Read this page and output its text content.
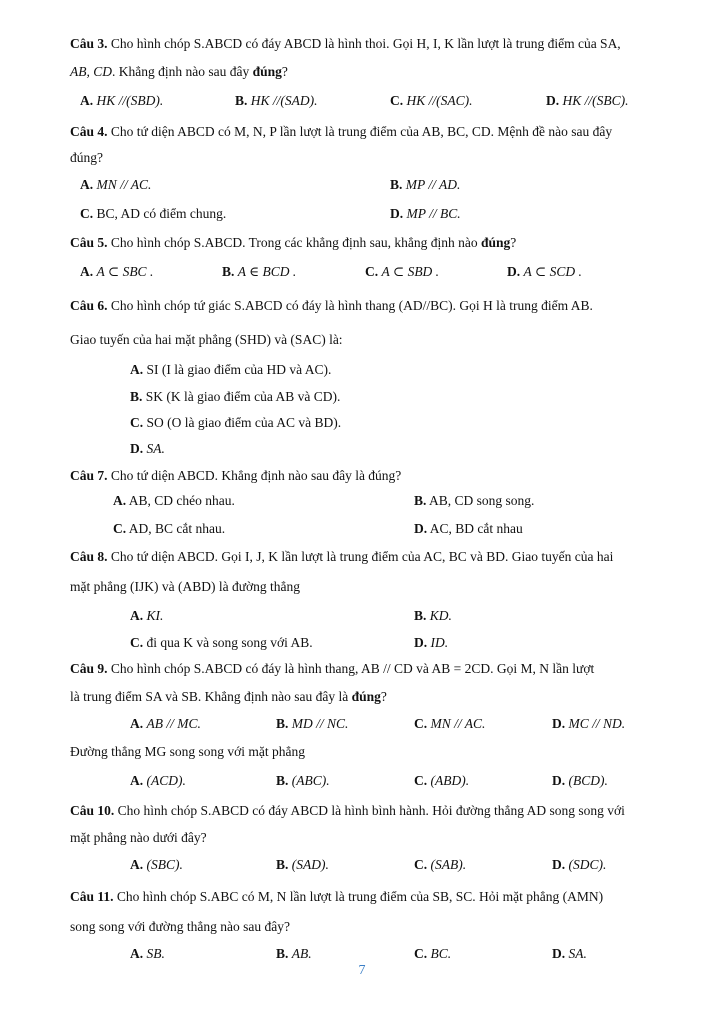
Câu 3. Cho hình chóp S.ABCD có đáy ABCD là hình thoi. Gọi H, I, K lần lượt là trung điểm của SA,
AB, CD. Khẳng định nào sau đây đúng?
A. HK //(SBD).	B. HK //(SAD).	C. HK //(SAC).	D. HK //(SBC).
Câu 4. Cho tứ diện ABCD có M, N, P lần lượt là trung điểm của AB, BC, CD. Mệnh đề nào sau đây
đúng?
A. MN // AC.	B. MP // AD.
C. BC, AD có điểm chung.	D. MP // BC.
Câu 5. Cho hình chóp S.ABCD. Trong các khẳng định sau, khẳng định nào đúng?
A. A ⊂ SBC .	B. A ∈ BCD .	C. A ⊂ SBD .	D. A ⊂ SCD .
Câu 6. Cho hình chóp tứ giác S.ABCD có đáy là hình thang (AD//BC). Gọi H là trung điểm AB.
Giao tuyến của hai mặt phẳng (SHD) và (SAC) là:
A. SI (I là giao điểm của HD và AC).
B. SK (K là giao điểm của AB và CD).
C. SO (O là giao điểm của AC và BD).
D. SA.
Câu 7. Cho tứ diện ABCD. Khẳng định nào sau đây là đúng?
A. AB, CD chéo nhau.	B. AB, CD song song.
C. AD, BC cắt nhau.	D. AC, BD cắt nhau
Câu 8. Cho tứ diện ABCD. Gọi I, J, K lần lượt là trung điểm của AC, BC và BD. Giao tuyến của hai
mặt phẳng (IJK) và (ABD) là đường thẳng
A. KI.	B. KD.
C. đi qua K và song song với AB.	D. ID.
Câu 9. Cho hình chóp S.ABCD có đáy là hình thang, AB // CD và AB = 2CD. Gọi M, N lần lượt
là trung điểm SA và SB. Khẳng định nào sau đây là đúng?
A. AB // MC.	B. MD // NC.	C. MN // AC.	D. MC // ND.
Đường thẳng MG song song với mặt phẳng
A. (ACD).	B. (ABC).	C. (ABD).	D. (BCD).
Câu 10. Cho hình chóp S.ABCD có đáy ABCD là hình bình hành. Hỏi đường thẳng AD song song với
mặt phẳng nào dưới đây?
A. (SBC).	B. (SAD).	C. (SAB).	D. (SDC).
Câu 11. Cho hình chóp S.ABC có M, N lần lượt là trung điểm của SB, SC. Hỏi mặt phẳng (AMN)
song song với đường thẳng nào sau đây?
A. SB.	B. AB.	C. BC.	D. SA.
7
